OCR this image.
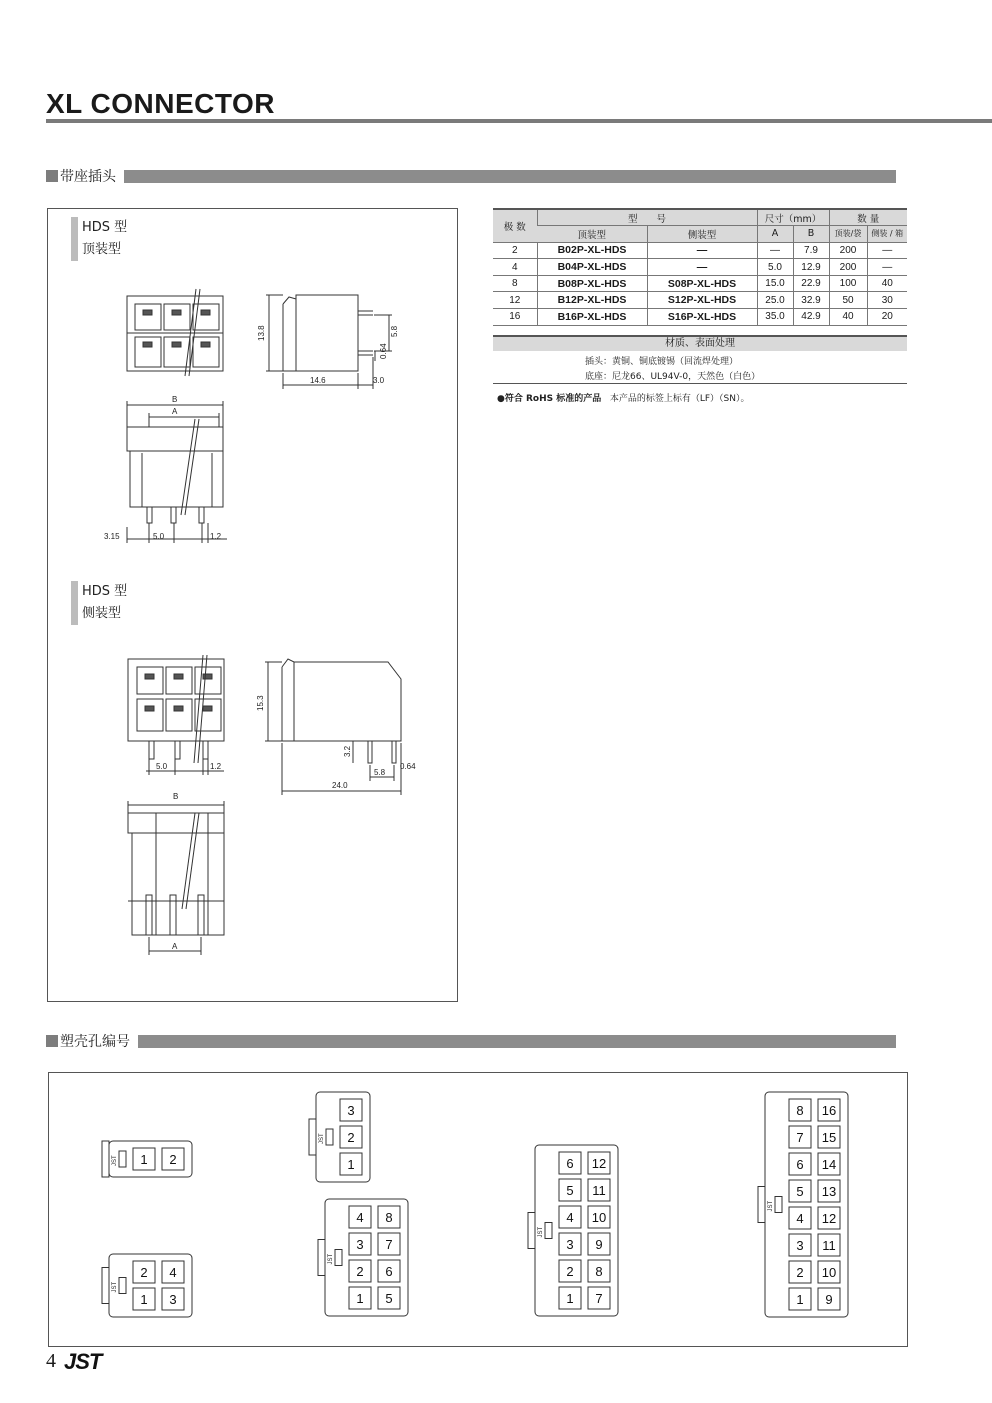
XL CONNECTOR
带座插头
HDS 型
顶装型
HDS 型
侧装型
13.8	5.8
0.64
14.6	3.0
B
A
3.15	5.0	1.2
15.3
5.0	1.2
3.2
5.8
0.64
24.0
B
A
极 数	型　　号		尺寸（mm）		数 量	
	顶装型	侧装型	A	B	顶装/袋	侧装 / 箱
2	B02P-XL-HDS	—	—	7.9	200	—
4	B04P-XL-HDS	—	5.0	12.9	200	—
8	B08P-XL-HDS	S08P-XL-HDS	15.0	22.9	100	40
12	B12P-XL-HDS	S12P-XL-HDS	25.0	32.9	50	30
16	B16P-XL-HDS	S16P-XL-HDS	35.0	42.9	40	20
材质、表面处理
插头：黄铜、铜底镀锡（回流焊处理）
底座：尼龙66、UL94V-0，天然色（白色）
●符合 RoHS 标准的产品 本产品的标签上标有（LF）（SN）。
塑壳孔编号
JST 1 2
JST
3
2
1
JST
2 4
1 3
JST
4 8
3 7
2 6
1 5
JST
6 12
5 11
4 10
3 9
2 8
1 7
JST
8 16
7 15
6 14
5 13
4 12
3 11
2 10
1 9
4 JST
